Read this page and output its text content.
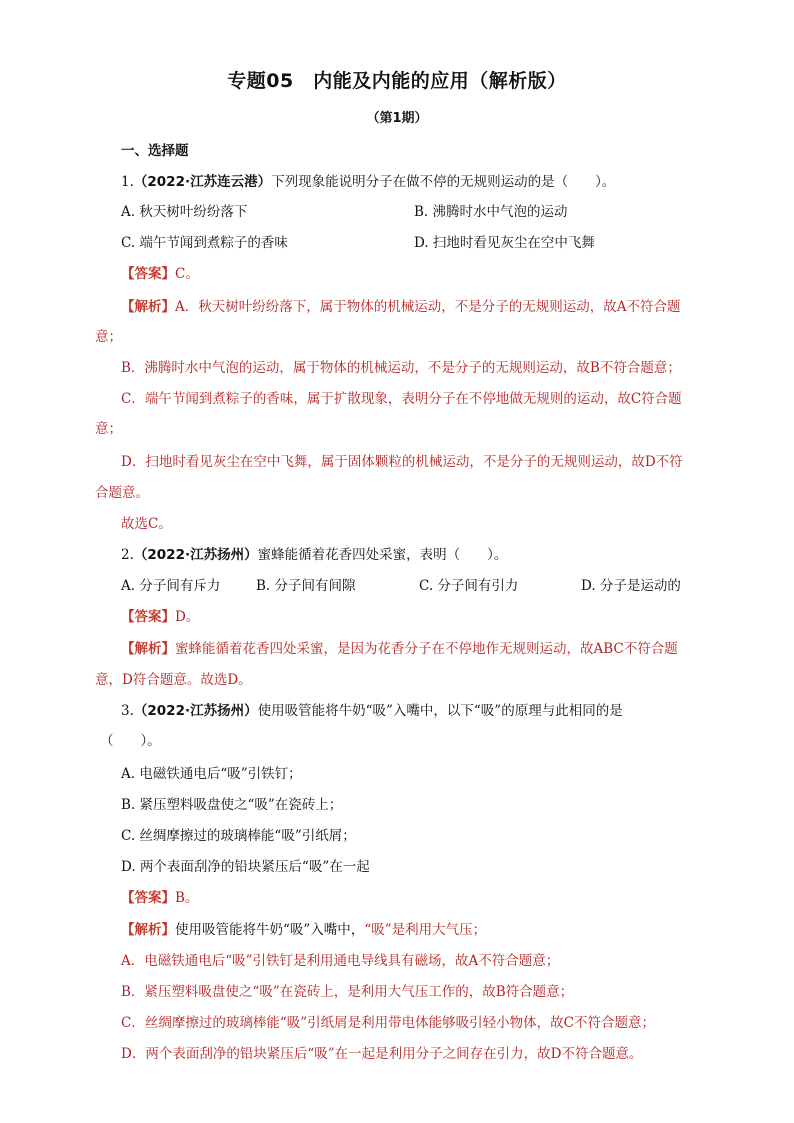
专题05　内能及内能的应用（解析版）
（第1期）
一、选择题
1.（2022·江苏连云港）下列现象能说明分子在做不停的无规则运动的是（　　）。
A. 秋天树叶纷纷落下	B. 沸腾时水中气泡的运动
C. 端午节闻到煮粽子的香味	D. 扫地时看见灰尘在空中飞舞
【答案】C。
【解析】A．秋天树叶纷纷落下，属于物体的机械运动，不是分子的无规则运动，故A不符合题
意；
B．沸腾时水中气泡的运动，属于物体的机械运动，不是分子的无规则运动，故B不符合题意；
C．端午节闻到煮粽子的香味，属于扩散现象，表明分子在不停地做无规则的运动，故C符合题
意；
D．扫地时看见灰尘在空中飞舞，属于固体颗粒的机械运动，不是分子的无规则运动，故D不符
合题意。
故选C。
2.（2022·江苏扬州）蜜蜂能循着花香四处采蜜，表明（　　）。
A. 分子间有斥力	B. 分子间有间隙	C. 分子间有引力	D. 分子是运动的
【答案】D。
【解析】蜜蜂能循着花香四处采蜜，是因为花香分子在不停地作无规则运动，故ABC不符合题
意，D符合题意。故选D。
3.（2022·江苏扬州）使用吸管能将牛奶“吸”入嘴中，以下“吸”的原理与此相同的是
（　　）。
A. 电磁铁通电后“吸”引铁钉；
B. 紧压塑料吸盘使之“吸”在瓷砖上；
C. 丝绸摩擦过的玻璃棒能“吸”引纸屑；
D. 两个表面刮净的铅块紧压后“吸”在一起
【答案】B。
【解析】使用吸管能将牛奶“吸”入嘴中，“吸”是利用大气压；
A．电磁铁通电后“吸”引铁钉是利用通电导线具有磁场，故A不符合题意；
B．紧压塑料吸盘使之“吸”在瓷砖上，是利用大气压工作的，故B符合题意；
C．丝绸摩擦过的玻璃棒能“吸”引纸屑是利用带电体能够吸引轻小物体，故C不符合题意；
D．两个表面刮净的铅块紧压后“吸”在一起是利用分子之间存在引力，故D不符合题意。
